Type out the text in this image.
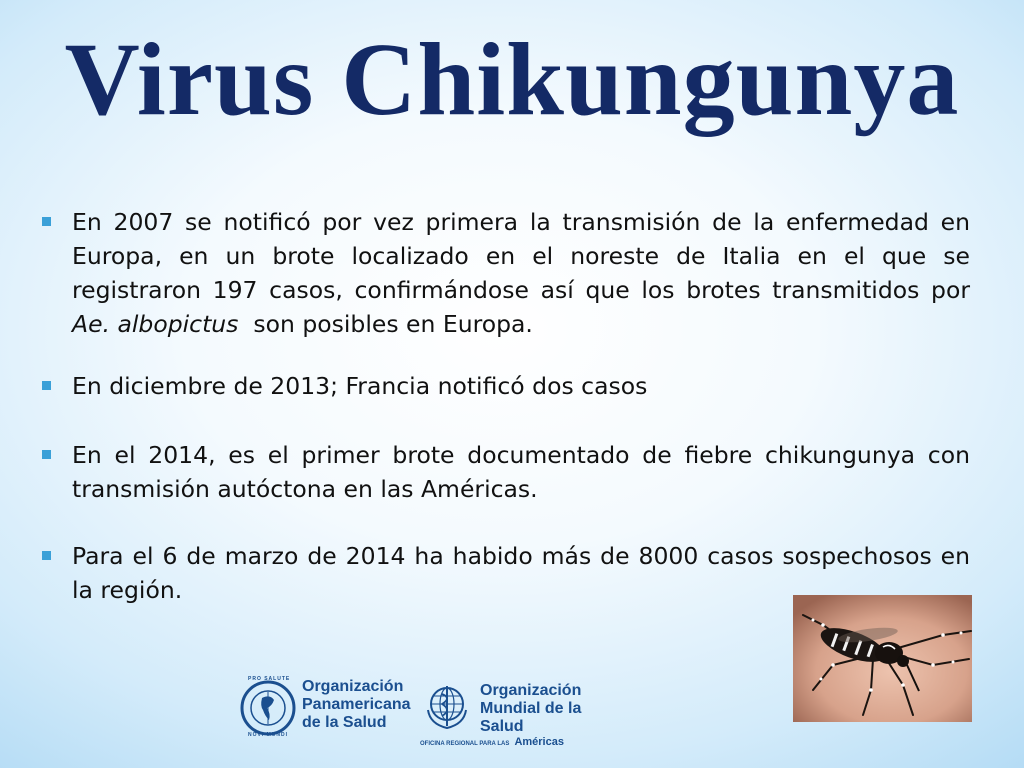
Virus Chikungunya
En 2007 se notificó por vez primera la transmisión de la enfermedad en Europa, en un brote localizado en el noreste de Italia en el que se registraron 197 casos, confirmándose así que los brotes transmitidos por Ae. albopictus  son posibles en Europa.
En diciembre de 2013; Francia notificó dos casos
En el 2014, es el primer brote documentado de fiebre chikungunya con transmisión autóctona en las Américas.
Para el 6 de marzo de 2014 ha habido más de 8000 casos sospechosos en la región.
PRO SALUTE
NOVI MUNDI
Organización
Panamericana
de la Salud
Organización
Mundial de la Salud
OFICINA REGIONAL PARA LAS Américas
